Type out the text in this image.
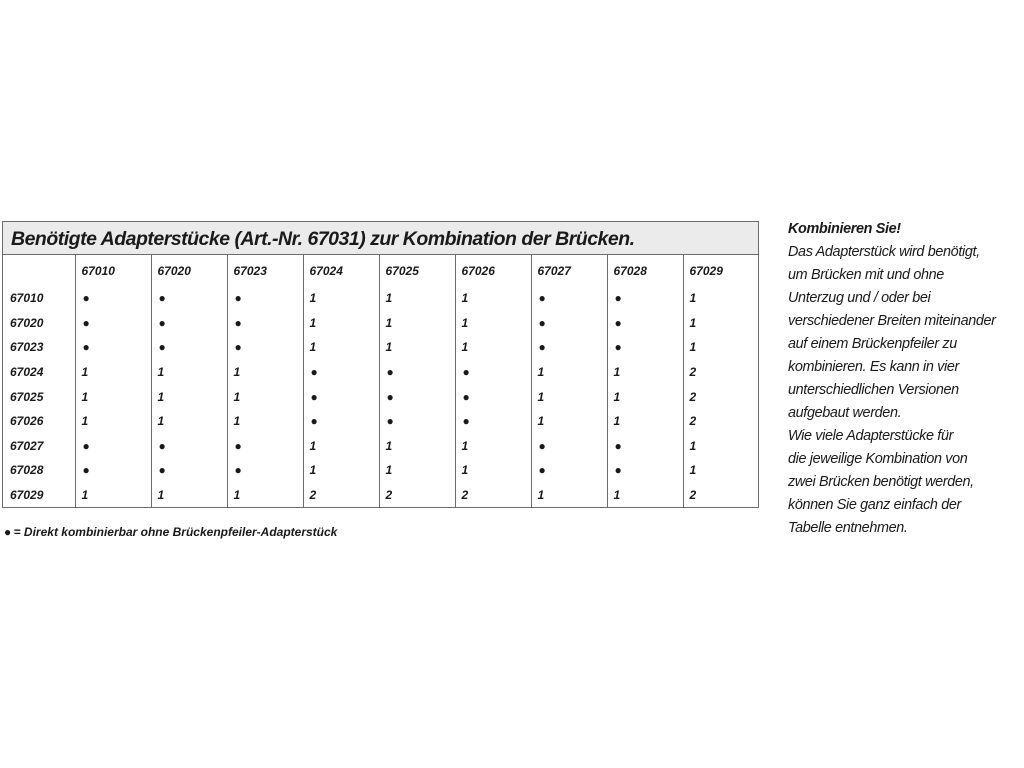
Benötigte Adapterstücke (Art.-Nr. 67031) zur Kombination der Brücken.
	67010	67020	67023	67024	67025	67026	67027	67028	67029
67010	●	●	●	1	1	1	●	●	1
67020	●	●	●	1	1	1	●	●	1
67023	●	●	●	1	1	1	●	●	1
67024	1	1	1	●	●	●	1	1	2
67025	1	1	1	●	●	●	1	1	2
67026	1	1	1	●	●	●	1	1	2
67027	●	●	●	1	1	1	●	●	1
67028	●	●	●	1	1	1	●	●	1
67029	1	1	1	2	2	2	1	1	2
● = Direkt kombinierbar ohne Brückenpfeiler-Adapterstück
Kombinieren Sie!
Das Adapterstück wird benötigt,
um Brücken mit und ohne
Unterzug und / oder bei
verschiedener Breiten miteinander
auf einem Brückenpfeiler zu
kombinieren. Es kann in vier
unterschiedlichen Versionen
aufgebaut werden.
Wie viele Adapterstücke für
die jeweilige Kombination von
zwei Brücken benötigt werden,
können Sie ganz einfach der
Tabelle entnehmen.
